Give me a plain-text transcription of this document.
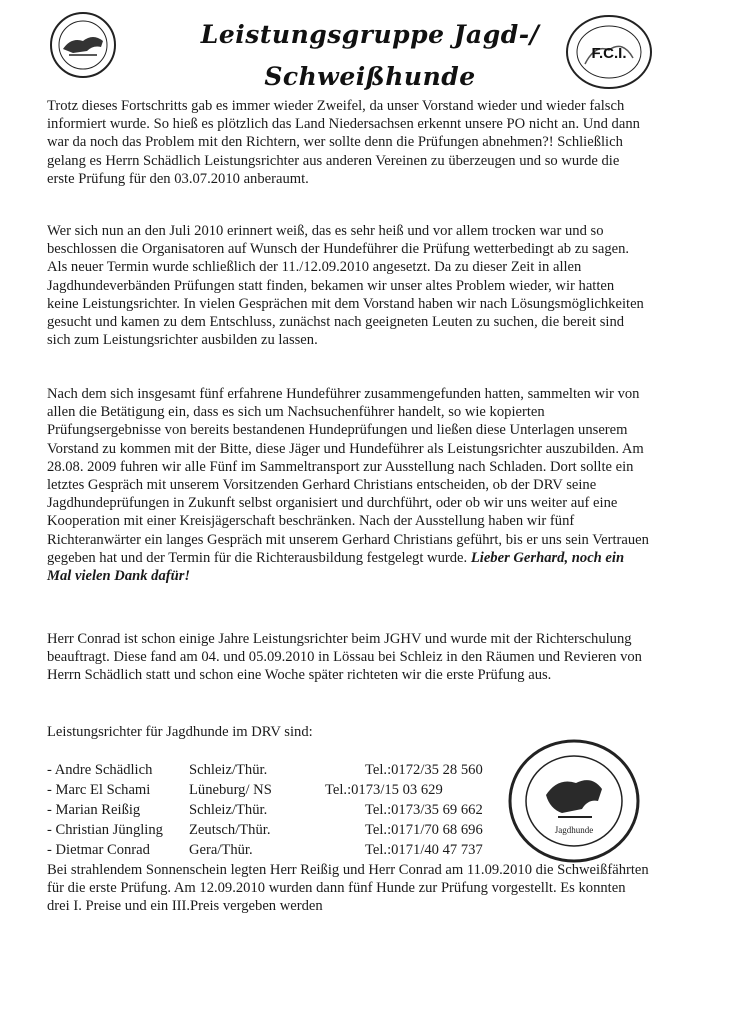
Leistungsgruppe Jagd-/
Schweißhunde
F.C.I.

Trotz dieses Fortschritts gab es immer wieder Zweifel, da unser Vorstand wieder und wieder falsch informiert wurde. So hieß es plötzlich das Land Niedersachsen erkennt unsere PO nicht an. Und dann war da noch das Problem mit den Richtern, wer sollte denn die Prüfungen abnehmen?! Schließlich gelang es Herrn Schädlich Leistungsrichter aus anderen Vereinen zu überzeugen und so wurde die erste Prüfung für den 03.07.2010 anberaumt.

Wer sich nun an den Juli 2010 erinnert weiß, das es sehr heiß und vor allem trocken war und so beschlossen die Organisatoren auf Wunsch der Hundeführer die Prüfung wetterbedingt ab zu sagen. Als neuer Termin wurde schließlich der 11./12.09.2010 angesetzt. Da zu dieser Zeit in allen Jagdhundeverbänden Prüfungen statt finden, bekamen wir unser altes Problem wieder, wir hatten keine Leistungsrichter. In vielen Gesprächen mit dem Vorstand haben wir nach Lösungsmöglichkeiten gesucht und kamen zu dem Entschluss, zunächst nach geeigneten Leuten zu suchen, die bereit sind sich zum Leistungsrichter ausbilden zu lassen.

Nach dem sich insgesamt fünf erfahrene Hundeführer zusammengefunden hatten, sammelten wir von allen die Betätigung ein, dass es sich um Nachsuchenführer handelt, so wie kopierten Prüfungsergebnisse von bereits bestandenen Hundeprüfungen und ließen diese Unterlagen unserem Vorstand zu kommen mit der Bitte, diese Jäger und Hundeführer als Leistungsrichter auszubilden. Am 28.08. 2009 fuhren wir alle Fünf im Sammeltransport zur Ausstellung nach Schladen. Dort sollte ein letztes Gespräch mit unserem Vorsitzenden Gerhard Christians entscheiden, ob der DRV seine Jagdhundeprüfungen in Zukunft selbst organisiert und durchführt, oder ob wir uns weiter auf eine Kooperation mit einer Kreisjägerschaft beschränken. Nach der Ausstellung haben wir fünf Richteranwärter ein langes Gespräch mit unserem Gerhard Christians geführt, bis er uns sein Vertrauen gegeben hat und der Termin für die Richterausbildung festgelegt wurde. Lieber Gerhard, noch ein Mal vielen Dank dafür!

Herr Conrad ist schon einige Jahre Leistungsrichter beim JGHV und wurde mit der Richterschulung beauftragt. Diese fand am 04. und 05.09.2010 in Lössau bei Schleiz in den Räumen und Revieren von Herrn Schädlich statt und schon eine Woche später richteten wir die erste Prüfung aus.

Leistungsrichter für Jagdhunde im DRV sind:

- Andre Schädlich	Schleiz/Thür.	Tel.:0172/35 28 560
- Marc El Schami	Lüneburg/ NS	Tel.:0173/15 03 629
- Marian Reißig	Schleiz/Thür.	Tel.:0173/35 69 662
- Christian Jüngling Zeutsch/Thür.	Tel.:0171/70 68 696
- Dietmar Conrad	Gera/Thür.	Tel.:0171/40 47 737
Jagdhunde

Bei strahlendem Sonnenschein legten Herr Reißig und Herr Conrad am 11.09.2010 die Schweißfährten für die erste Prüfung. Am 12.09.2010 wurden dann fünf Hunde zur Prüfung vorgestellt. Es konnten drei I. Preise und ein III.Preis vergeben werden
